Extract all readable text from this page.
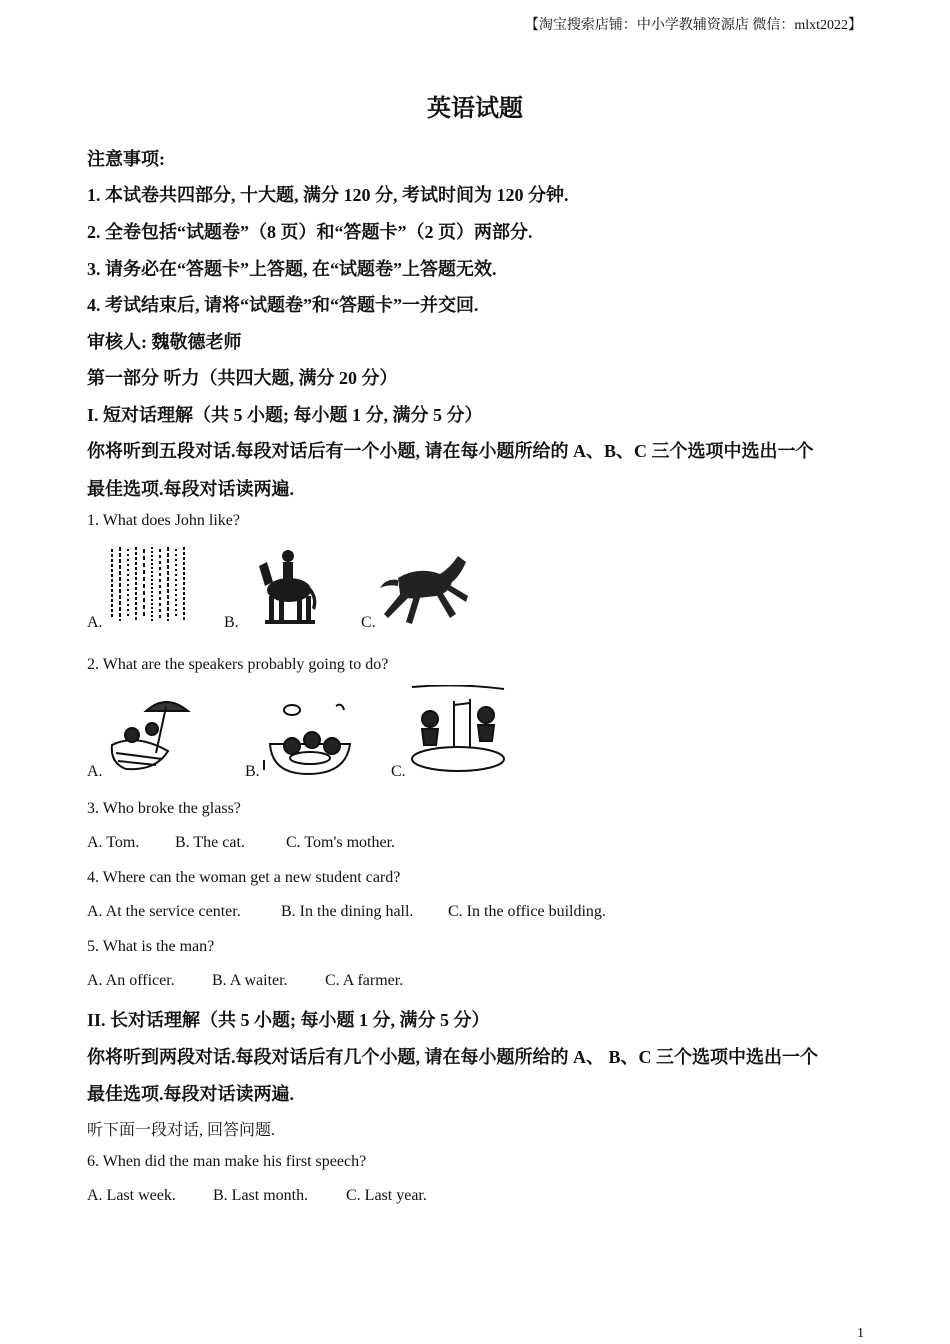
【淘宝搜索店铺：中小学教辅资源店 微信：mlxt2022】
英语试题
注意事项:
1. 本试卷共四部分, 十大题, 满分 120 分, 考试时间为 120 分钟.
2. 全卷包括“试题卷”（8 页）和“答题卡”（2 页）两部分.
3. 请务必在“答题卡”上答题, 在“试题卷”上答题无效.
4. 考试结束后, 请将“试题卷”和“答题卡”一并交回.
审核人: 魏敬德老师
第一部分 听力（共四大题, 满分 20 分）
I. 短对话理解（共 5 小题; 每小题 1 分, 满分 5 分）
你将听到五段对话.每段对话后有一个小题, 请在每小题所给的 A、B、C 三个选项中选出一个
最佳选项.每段对话读两遍.
1. What does John like?
A.	B.	C.
2. What are the speakers probably going to do?
A.	B.	C.
3. Who broke the glass?
A. Tom. B. The cat.	C. Tom's mother.
4. Where can the woman get a new student card?
A. At the service center.	B. In the dining hall. C. In the office building.
5. What is the man?
A. An officer. B. A waiter. C. A farmer.
II. 长对话理解（共 5 小题; 每小题 1 分, 满分 5 分）
你将听到两段对话.每段对话后有几个小题, 请在每小题所给的 A、 B、C 三个选项中选出一个
最佳选项.每段对话读两遍.
听下面一段对话, 回答问题.
6. When did the man make his first speech?
A. Last week. B. Last month. C. Last year.
1
